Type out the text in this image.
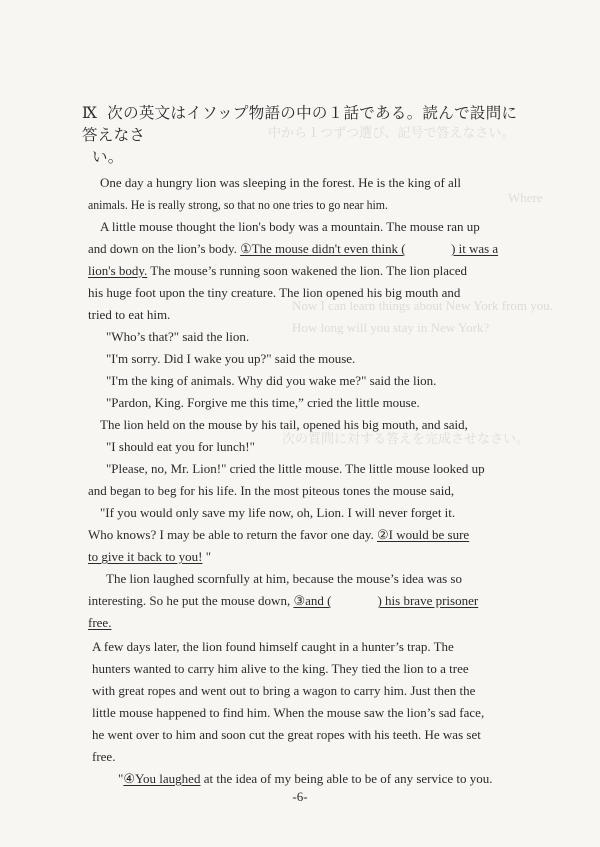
中から１つずつ選び、記号で答えなさい。
Where
Now I can learn things about New York from you.
How long will you stay in New York?
次の質問に対する答えを完成させなさい。
Ⅸ 次の英文はイソップ物語の中の１話である。読んで設問に答えなさ
い。
One day a hungry lion was sleeping in the forest. He is the king of all
animals. He is really strong, so that no one tries to go near him.
A little mouse thought the lion's body was a mountain. The mouse ran up
and down on the lion’s body. ①The mouse didn't even think (	) it was a
lion's body. The mouse’s running soon wakened the lion. The lion placed
his huge foot upon the tiny creature. The lion opened his big mouth and
tried to eat him.
"Who’s that?" said the lion.
"I'm sorry. Did I wake you up?" said the mouse.
"I'm the king of animals. Why did you wake me?" said the lion.
"Pardon, King. Forgive me this time,” cried the little mouse.
The lion held on the mouse by his tail, opened his big mouth, and said,
"I should eat you for lunch!"
"Please, no, Mr. Lion!" cried the little mouse. The little mouse looked up
and began to beg for his life. In the most piteous tones the mouse said,
"If you would only save my life now, oh, Lion. I will never forget it.
Who knows? I may be able to return the favor one day. ②I would be sure
to give it back to you! "
The lion laughed scornfully at him, because the mouse’s idea was so
interesting. So he put the mouse down, ③and (	) his brave prisoner
free.
A few days later, the lion found himself caught in a hunter’s trap. The
hunters wanted to carry him alive to the king. They tied the lion to a tree
with great ropes and went out to bring a wagon to carry him. Just then the
little mouse happened to find him. When the mouse saw the lion’s sad face,
he went over to him and soon cut the great ropes with his teeth. He was set
free.
"④You laughed at the idea of my being able to be of any service to you.
-6-
